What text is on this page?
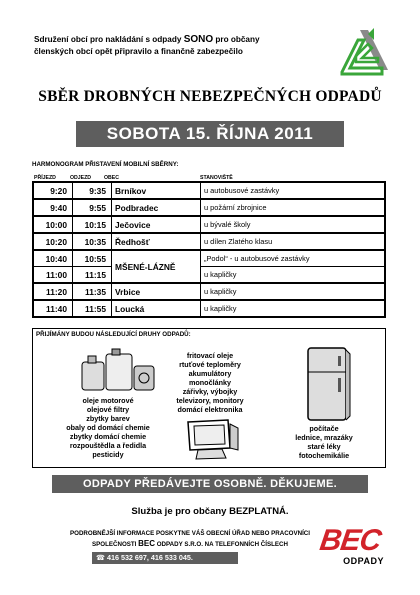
Sdružení obcí pro nakládání s odpady SONO pro občany
členských obcí opět připravilo a finančně zabezpečilo
SBĚR DROBNÝCH NEBEZPEČNÝCH ODPADŮ
SOBOTA 15. ŘÍJNA 2011
HARMONOGRAM PŘISTAVENÍ MOBILNÍ SBĚRNY:
PŘÍJEZD	ODJEZD OBEC	STANOVIŠTĚ
9:20	9:35	Brníkov	u autobusové zastávky
9:40	9:55	Podbradec	u požární zbrojnice
10:00	10:15	Ječovice	u bývalé školy
10:20	10:35	Ředhošť	u dílen Zlatého klasu
10:40	10:55	MŠENÉ-LÁZNĚ	„Podol“ - u autobusové zastávky
11:00	11:15		u kapličky
11:20	11:35	Vrbice	u kapličky
11:40	11:55	Loucká	u kapličky
PŘIJÍMÁNY BUDOU NÁSLEDUJÍCÍ DRUHY ODPADŮ:
oleje motorové
olejové filtry
zbytky barev
obaly od domácí chemie
zbytky domácí chemie
rozpouštědla a ředidla
pesticidy
fritovací oleje
rtuťové teploměry
akumulátory
monočlánky
zářivky, výbojky
televizory, monitory
domácí elektronika
počítače
lednice, mrazáky
staré léky
fotochemikálie
ODPADY PŘEDÁVEJTE OSOBNĚ. DĚKUJEME.
Služba je pro občany BEZPLATNÁ.
PODROBNĚJŠÍ INFORMACE POSKYTNE VÁŠ OBECNÍ ÚŘAD NEBO PRACOVNÍCI
SPOLEČNOSTI BEC ODPADY S.R.O. NA TELEFONNÍCH ČÍSLECH
☎ 416 532 697, 416 533 045.
BEC
ODPADY
